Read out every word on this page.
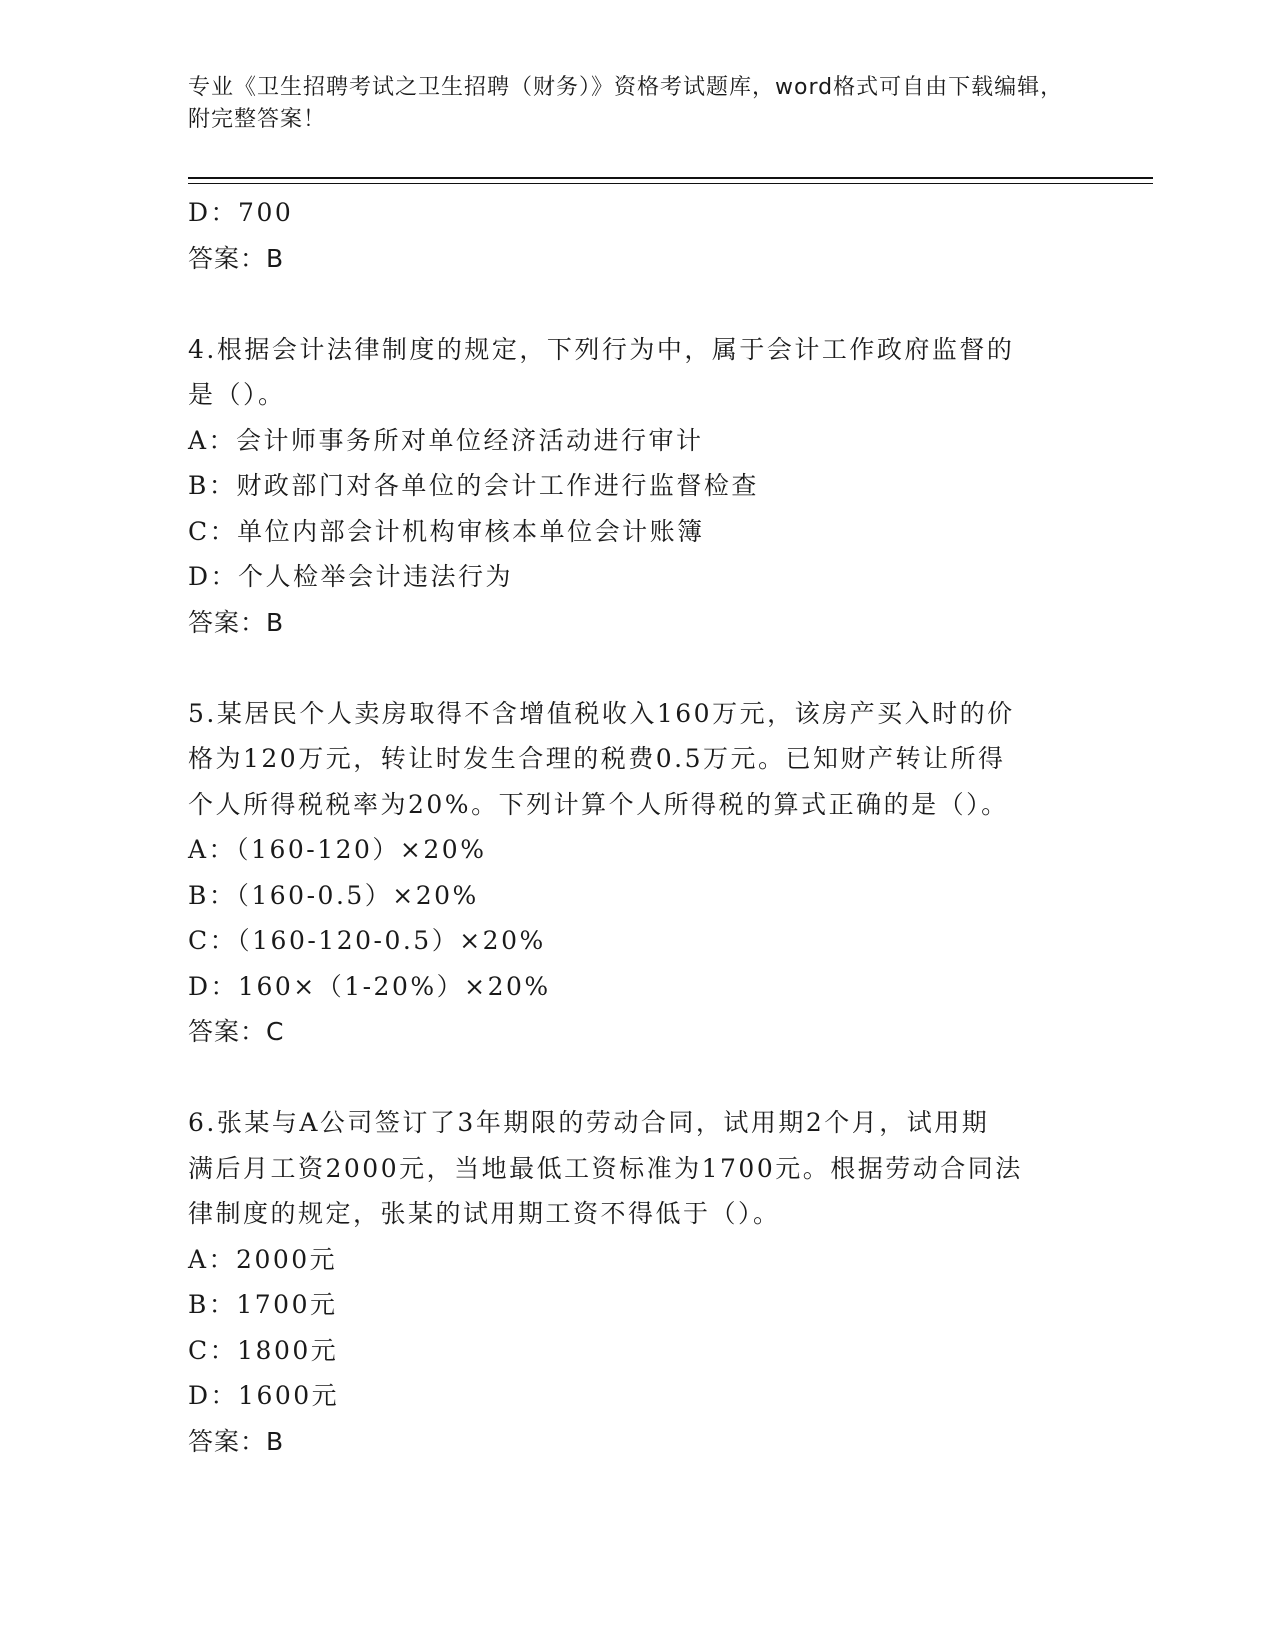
专业《卫生招聘考试之卫生招聘（财务）》资格考试题库，word格式可自由下载编辑，附完整答案！
D：700
答案：B
4.根据会计法律制度的规定，下列行为中，属于会计工作政府监督的
是（）。
A：会计师事务所对单位经济活动进行审计
B：财政部门对各单位的会计工作进行监督检查
C：单位内部会计机构审核本单位会计账簿
D：个人检举会计违法行为
答案：B
5.某居民个人卖房取得不含增值税收入160万元，该房产买入时的价
格为120万元，转让时发生合理的税费0.5万元。已知财产转让所得
个人所得税税率为20%。下列计算个人所得税的算式正确的是（）。
A：（160-120）×20%
B：（160-0.5）×20%
C：（160-120-0.5）×20%
D：160×（1-20%）×20%
答案：C
6.张某与A公司签订了3年期限的劳动合同，试用期2个月，试用期
满后月工资2000元，当地最低工资标准为1700元。根据劳动合同法
律制度的规定，张某的试用期工资不得低于（）。
A：2000元
B：1700元
C：1800元
D：1600元
答案：B
